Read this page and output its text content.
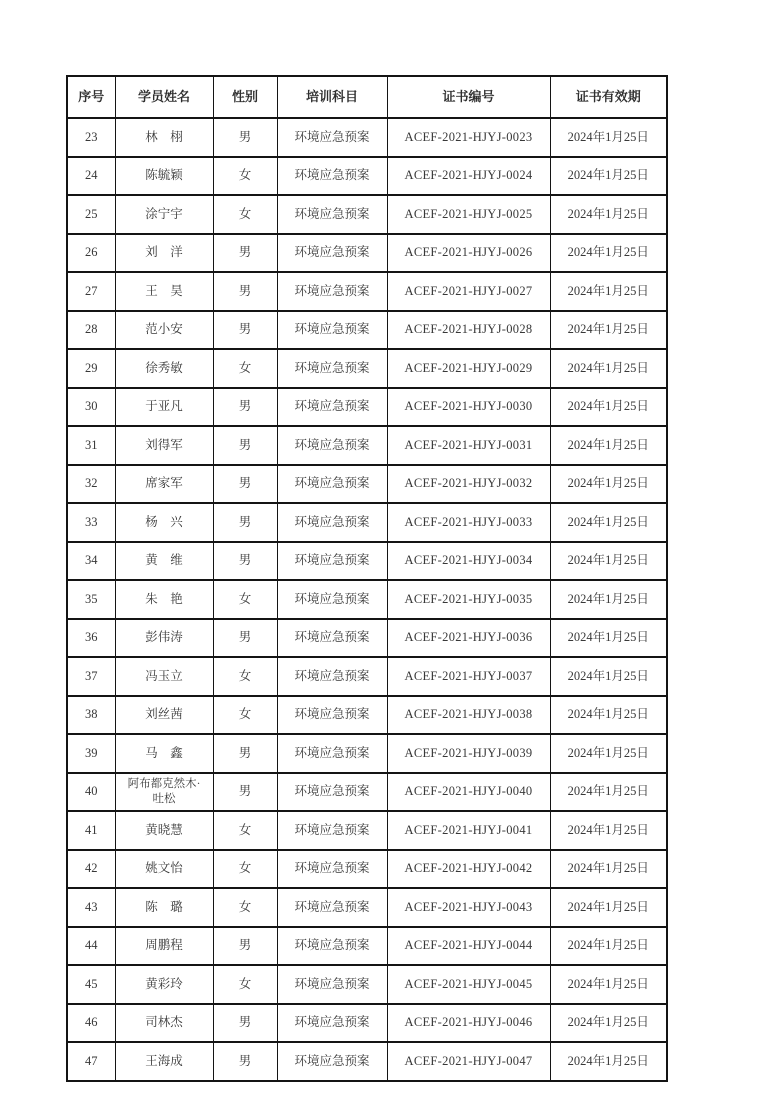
序号	学员姓名	性别	培训科目	证书编号	证书有效期
23	林　栩	男	环境应急预案	ACEF-2021-HJYJ-0023	2024年1月25日
24	陈毓颖	女	环境应急预案	ACEF-2021-HJYJ-0024	2024年1月25日
25	涂宁宇	女	环境应急预案	ACEF-2021-HJYJ-0025	2024年1月25日
26	刘　洋	男	环境应急预案	ACEF-2021-HJYJ-0026	2024年1月25日
27	王　昊	男	环境应急预案	ACEF-2021-HJYJ-0027	2024年1月25日
28	范小安	男	环境应急预案	ACEF-2021-HJYJ-0028	2024年1月25日
29	徐秀敏	女	环境应急预案	ACEF-2021-HJYJ-0029	2024年1月25日
30	于亚凡	男	环境应急预案	ACEF-2021-HJYJ-0030	2024年1月25日
31	刘得军	男	环境应急预案	ACEF-2021-HJYJ-0031	2024年1月25日
32	席家军	男	环境应急预案	ACEF-2021-HJYJ-0032	2024年1月25日
33	杨　兴	男	环境应急预案	ACEF-2021-HJYJ-0033	2024年1月25日
34	黄　维	男	环境应急预案	ACEF-2021-HJYJ-0034	2024年1月25日
35	朱　艳	女	环境应急预案	ACEF-2021-HJYJ-0035	2024年1月25日
36	彭伟涛	男	环境应急预案	ACEF-2021-HJYJ-0036	2024年1月25日
37	冯玉立	女	环境应急预案	ACEF-2021-HJYJ-0037	2024年1月25日
38	刘丝茜	女	环境应急预案	ACEF-2021-HJYJ-0038	2024年1月25日
39	马　鑫	男	环境应急预案	ACEF-2021-HJYJ-0039	2024年1月25日
40	阿布都克然木·吐松	男	环境应急预案	ACEF-2021-HJYJ-0040	2024年1月25日
41	黄晓慧	女	环境应急预案	ACEF-2021-HJYJ-0041	2024年1月25日
42	姚文怡	女	环境应急预案	ACEF-2021-HJYJ-0042	2024年1月25日
43	陈　璐	女	环境应急预案	ACEF-2021-HJYJ-0043	2024年1月25日
44	周鹏程	男	环境应急预案	ACEF-2021-HJYJ-0044	2024年1月25日
45	黄彩玲	女	环境应急预案	ACEF-2021-HJYJ-0045	2024年1月25日
46	司林杰	男	环境应急预案	ACEF-2021-HJYJ-0046	2024年1月25日
47	王海成	男	环境应急预案	ACEF-2021-HJYJ-0047	2024年1月25日
